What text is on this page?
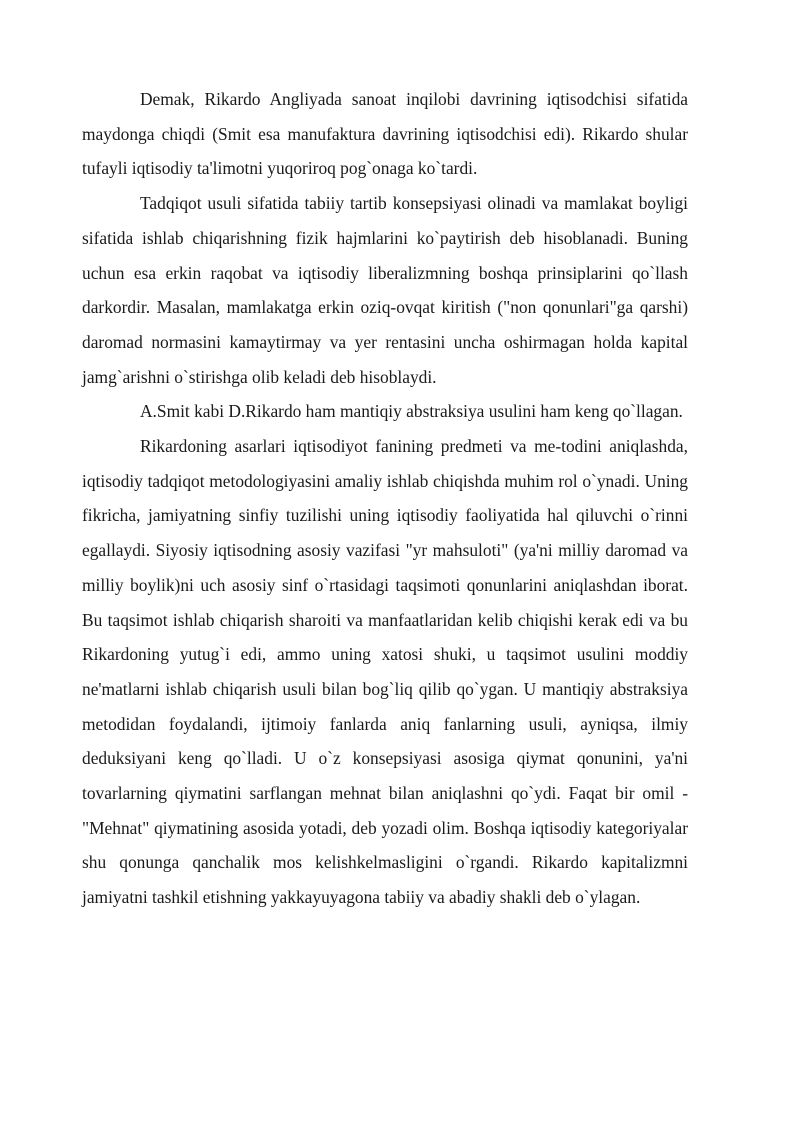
Demak, Rikardo Angliyada sanoat inqilobi davrining iqtisodchisi sifatida maydonga chiqdi (Smit esa manufaktura davrining iqtisodchisi edi). Rikardo shular tufayli iqtisodiy ta'limotni yuqoriroq pog`onaga ko`tardi.

Tadqiqot usuli sifatida tabiiy tartib konsepsiyasi olinadi va mamlakat boyligi sifatida ishlab chiqarishning fizik hajmlarini ko`paytirish deb hisoblanadi. Buning uchun esa erkin raqobat va iqtisodiy liberalizmning boshqa prinsiplarini qo`llash darkordir. Masalan, mamlakatga erkin oziq-ovqat kiritish ("non qonunlari"ga qarshi) daromad normasini kamaytirmay va yer rentasini uncha oshirmagan holda kapital jamg`arishni o`stirishga olib keladi deb hisoblaydi.

A.Smit kabi D.Rikardo ham mantiqiy abstraksiya usulini ham keng qo`llagan.

Rikardoning asarlari iqtisodiyot fanining predmeti va me-todini aniqlashda, iqtisodiy tadqiqot metodologiyasini amaliy ishlab chiqishda muhim rol o`ynadi. Uning fikricha, jamiyatning sinfiy tuzilishi uning iqtisodiy faoliyatida hal qiluvchi o`rinni egallaydi. Siyosiy iqtisodning asosiy vazifasi "yr mahsuloti" (ya'ni milliy daromad va milliy boylik)ni uch asosiy sinf o`rtasidagi taqsimoti qonunlarini aniqlashdan iborat. Bu taqsimot ishlab chiqarish sharoiti va manfaatlaridan kelib chiqishi kerak edi va bu Rikardoning yutug`i edi, ammo uning xatosi shuki, u taqsimot usulini moddiy ne'matlarni ishlab chiqarish usuli bilan bog`liq qilib qo`ygan. U mantiqiy abstraksiya metodidan foydalandi, ijtimoiy fanlarda aniq fanlarning usuli, ayniqsa, ilmiy deduksiyani keng qo`lladi. U o`z konsepsiyasi asosiga qiymat qonunini, ya'ni tovarlarning qiymatini sarflangan mehnat bilan aniqlashni qo`ydi. Faqat bir omil - "Mehnat" qiymatining asosida yotadi, deb yozadi olim. Boshqa iqtisodiy kategoriyalar shu qonunga qanchalik mos kelishkelmasligini o`rgandi. Rikardo kapitalizmni jamiyatni tashkil etishning yakkayuyagona tabiiy va abadiy shakli deb o`ylagan.
